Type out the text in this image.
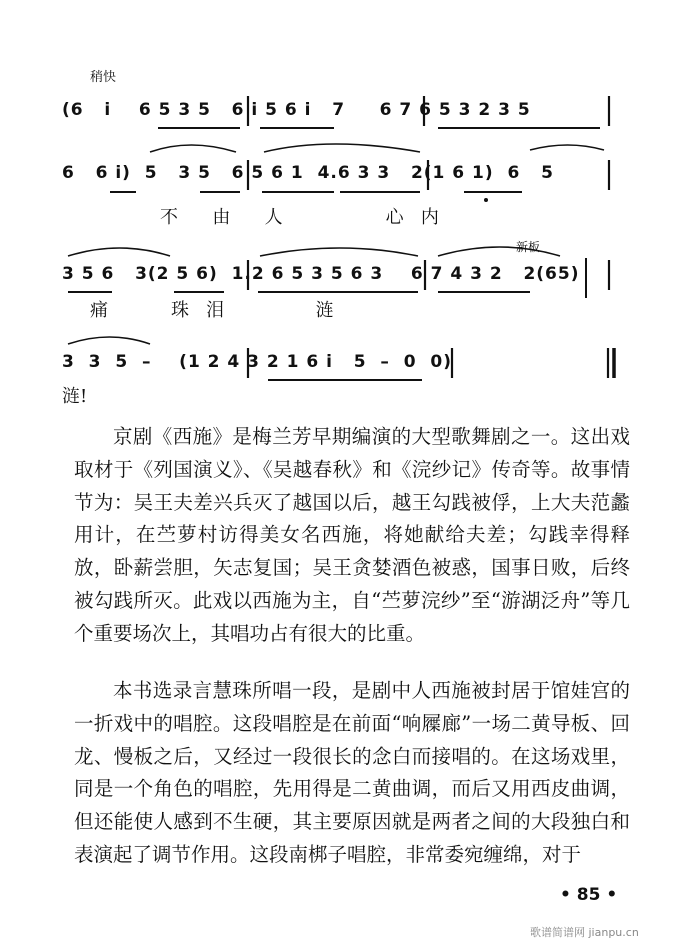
稍快
(6   i    6 5 3 5   6 i 5 6 i   7     6 7 6 5 3 2 3 5
6   6 i)  5   3 5   6 5 6 1  4.6 3 3   2(1 6 1)  6   5
不      由      人                  心   内
新板
3 5 6   3(2 5 6)  1.2 6 5 3 5 6 3    6 7 4 3 2   2(65)
痛           珠   泪                涟
3  3  5  –    (1 2 4 3 2 1 6 i   5  –  0  0)
涟!

京剧《西施》是梅兰芳早期编演的大型歌舞剧之一。这出戏取材于《列国演义》、《吴越春秋》和《浣纱记》传奇等。故事情节为：吴王夫差兴兵灭了越国以后，越王勾践被俘，上大夫范蠡用计，在苎萝村访得美女名西施，将她献给夫差；勾践幸得释放，卧薪尝胆，矢志复国；吴王贪婪酒色被惑，国事日败，后终被勾践所灭。此戏以西施为主，自“苎萝浣纱”至“游湖泛舟”等几个重要场次上，其唱功占有很大的比重。

本书选录言慧珠所唱一段，是剧中人西施被封居于馆娃宫的一折戏中的唱腔。这段唱腔是在前面“响屧廊”一场二黄导板、回龙、慢板之后，又经过一段很长的念白而接唱的。在这场戏里，同是一个角色的唱腔，先用得是二黄曲调，而后又用西皮曲调，但还能使人感到不生硬，其主要原因就是两者之间的大段独白和表演起了调节作用。这段南梆子唱腔，非常委宛缠绵，对于

• 85 •
歌谱简谱网 jianpu.cn
